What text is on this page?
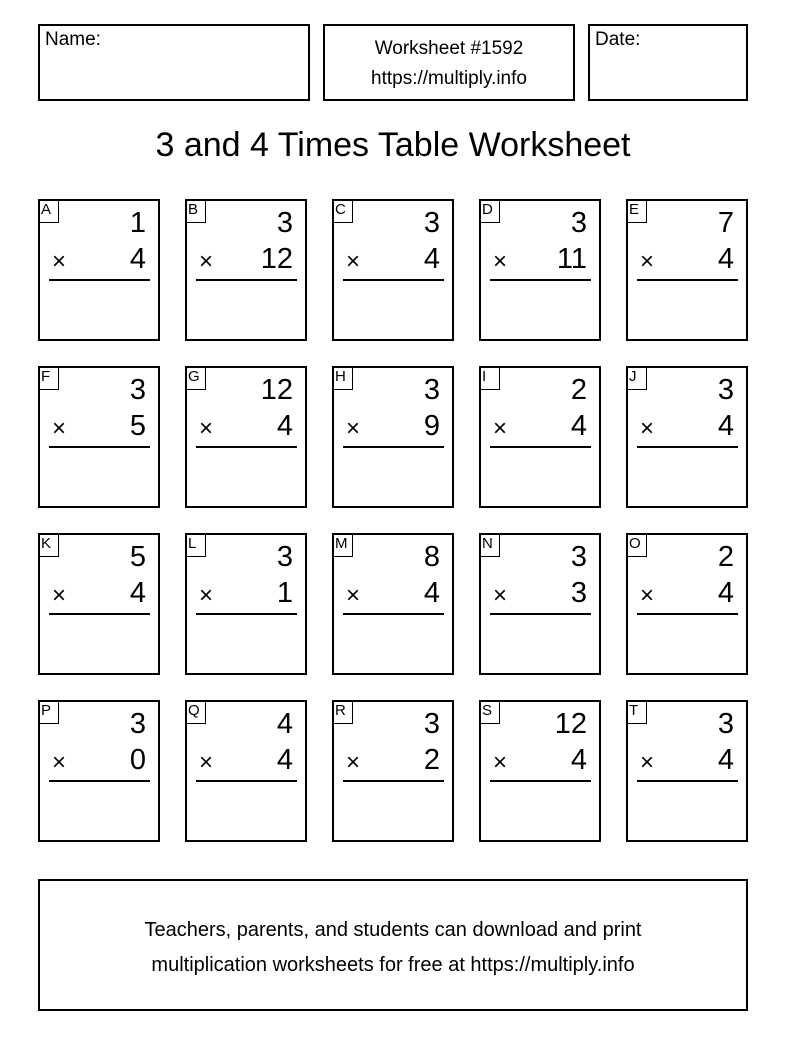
Name:	Worksheet #1592
https://multiply.info
Date:
3 and 4 Times Table Worksheet
A	1
× 4
B	3
× 12
C	3
× 4
D	3
× 11
E	7
× 4
F	3
× 5
G 12
× 4
H	3
× 9
I	2
× 4
J	3
× 4
K	5
× 4
L	3
× 1
M	8
× 4
N	3
× 3
O	2
× 4
P	3
× 0
Q	4
× 4
R	3
× 2
S 12
× 4
T	3
× 4
Teachers, parents, and students can download and print
multiplication worksheets for free at https://multiply.info
